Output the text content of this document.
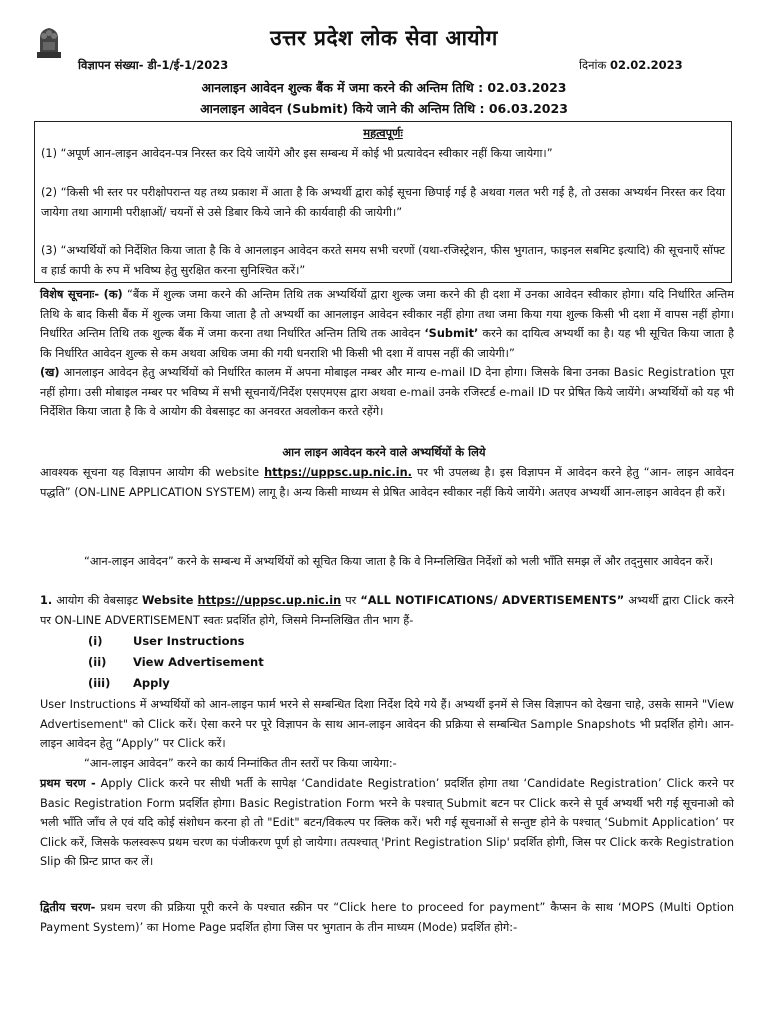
उत्तर प्रदेश लोक सेवा आयोग
विज्ञापन संख्या- डी-1/ई-1/2023	दिनांक 02.02.2023
आनलाइन आवेदन शुल्क बैंक में जमा करने की अन्तिम तिथि : 02.03.2023
आनलाइन आवेदन (Submit) किये जाने की अन्तिम तिथि : 06.03.2023
महत्वपूर्णः
(1) “अपूर्ण आन-लाइन आवेदन-पत्र निरस्त कर दिये जायेंगे और इस सम्बन्ध में कोई भी प्रत्यावेदन स्वीकार नहीं किया जायेगा।”
(2) “किसी भी स्तर पर परीक्षोपरान्त यह तथ्य प्रकाश में आता है कि अभ्यर्थी द्वारा कोई सूचना छिपाई गई है अथवा गलत भरी गई है, तो उसका अभ्यर्थन निरस्त कर दिया जायेगा तथा आगामी परीक्षाओं/ चयनों से उसे डिबार किये जाने की कार्यवाही की जायेगी।”
(3) “अभ्यर्थियों को निर्देशित किया जाता है कि वे आनलाइन आवेदन करते समय सभी चरणों (यथा-रजिस्ट्रेशन, फीस भुगतान, फाइनल सबमिट इत्यादि) की सूचनाएँ सॉफ्ट व हार्ड कापी के रुप में भविष्य हेतु सुरक्षित करना सुनिश्चित करें।”
विशेष सूचनाः- (क) “बैंक में शुल्क जमा करने की अन्तिम तिथि तक अभ्यर्थियों द्वारा शुल्क जमा करने की ही दशा में उनका आवेदन स्वीकार होगा। यदि निर्धारित अन्तिम तिथि के बाद किसी बैंक में शुल्क जमा किया जाता है तो अभ्यर्थी का आनलाइन आवेदन स्वीकार नहीं होगा तथा जमा किया गया शुल्क किसी भी दशा में वापस नहीं होगा। निर्धारित अन्तिम तिथि तक शुल्क बैंक में जमा करना तथा निर्धारित अन्तिम तिथि तक आवेदन ‘Submit’ करने का दायित्व अभ्यर्थी का है। यह भी सूचित किया जाता है कि निर्धारित आवेदन शुल्क से कम अथवा अधिक जमा की गयी धनराशि भी किसी भी दशा में वापस नहीं की जायेगी।”
(ख) आनलाइन आवेदन हेतु अभ्यर्थियों को निर्धारित कालम में अपना मोबाइल नम्बर और मान्य e-mail ID देना होगा। जिसके बिना उनका Basic Registration पूरा नहीं होगा। उसी मोबाइल नम्बर पर भविष्य में सभी सूचनायें/निर्देश एसएमएस द्वारा अथवा e-mail उनके रजिस्टर्ड e-mail ID पर प्रेषित किये जायेंगे। अभ्यर्थियों को यह भी निर्देशित किया जाता है कि वे आयोग की वेबसाइट का अनवरत अवलोकन करते रहेंगे।
आन लाइन आवेदन करने वाले अभ्यर्थियों के लिये
आवश्यक सूचना यह विज्ञापन आयोग की website https://uppsc.up.nic.in. पर भी उपलब्ध है। इस विज्ञापन में आवेदन करने हेतु “आन- लाइन आवेदन पद्धति” (ON-LINE APPLICATION SYSTEM) लागू है। अन्य किसी माध्यम से प्रेषित आवेदन स्वीकार नहीं किये जायेंगे। अतएव अभ्यर्थी आन-लाइन आवेदन ही करें।
“आन-लाइन आवेदन” करने के सम्बन्ध में अभ्यर्थियों को सूचित किया जाता है कि वे निम्नलिखित निर्देशों को भली भाँति समझ लें और तद्नुसार आवेदन करें।
1. आयोग की वेबसाइट Website https://uppsc.up.nic.in पर “ALL NOTIFICATIONS/ ADVERTISEMENTS” अभ्यर्थी द्वारा Click करने पर ON-LINE ADVERTISEMENT स्वतः प्रदर्शित होगे, जिसमे निम्नलिखित तीन भाग हैं-
(i)	User Instructions
(ii) View Advertisement
(iii) Apply
User Instructions में अभ्यर्थियों को आन-लाइन फार्म भरने से सम्बन्धित दिशा निर्देश दिये गये हैं। अभ्यर्थी इनमें से जिस विज्ञापन को देखना चाहे, उसके सामने "View Advertisement" को Click करें। ऐसा करने पर पूरे विज्ञापन के साथ आन-लाइन आवेदन की प्रक्रिया से सम्बन्धित Sample Snapshots भी प्रदर्शित होगे। आन-लाइन आवेदन हेतु “Apply” पर Click करें।
“आन-लाइन आवेदन” करने का कार्य निम्नांकित तीन स्तरों पर किया जायेगा:-
प्रथम चरण - Apply Click करने पर सीधी भर्ती के सापेक्ष ‘Candidate Registration’ प्रदर्शित होगा तथा ‘Candidate Registration’ Click करने पर Basic Registration Form प्रदर्शित होगा। Basic Registration Form भरने के पश्चात् Submit बटन पर Click करने से पूर्व अभ्यर्थी भरी गई सूचनाओ को भली भाँति जाँच ले एवं यदि कोई संशोधन करना हो तो "Edit" बटन/विकल्प पर क्लिक करें। भरी गई सूचनाओं से सन्तुष्ट होने के पश्चात् ‘Submit Application’ पर Click करें, जिसके फलस्वरूप प्रथम चरण का पंजीकरण पूर्ण हो जायेगा। तत्पश्चात् 'Print Registration Slip' प्रदर्शित होगी, जिस पर Click करके Registration Slip की प्रिन्ट प्राप्त कर लें।
द्वितीय चरण- प्रथम चरण की प्रक्रिया पूरी करने के पश्चात स्क्रीन पर “Click here to proceed for payment” कैप्सन के साथ ‘MOPS (Multi Option Payment System)’ का Home Page प्रदर्शित होगा जिस पर भुगतान के तीन माध्यम (Mode) प्रदर्शित होगे:-
